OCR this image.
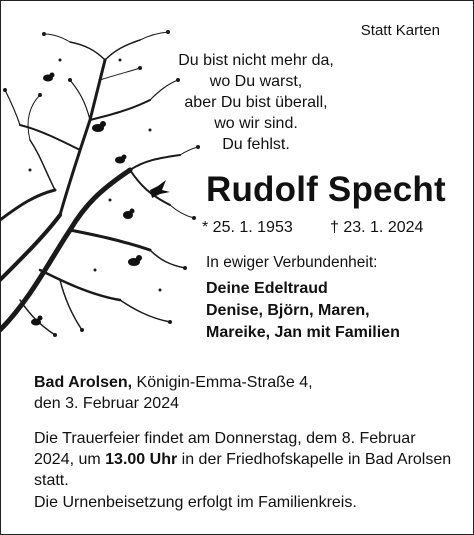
Statt Karten
Du bist nicht mehr da,
wo Du warst,
aber Du bist überall,
wo wir sind.
Du fehlst.
Rudolf Specht
* 25. 1. 1953 † 23. 1. 2024
In ewiger Verbundenheit:
Deine Edeltraud
Denise, Björn, Maren,
Mareike, Jan mit Familien
Bad Arolsen, Königin-Emma-Straße 4,
den 3. Februar 2024
Die Trauerfeier findet am Donnerstag, dem 8. Februar 2024, um 13.00 Uhr in der Friedhofskapelle in Bad Arolsen statt.
Die Urnenbeisetzung erfolgt im Familienkreis.
